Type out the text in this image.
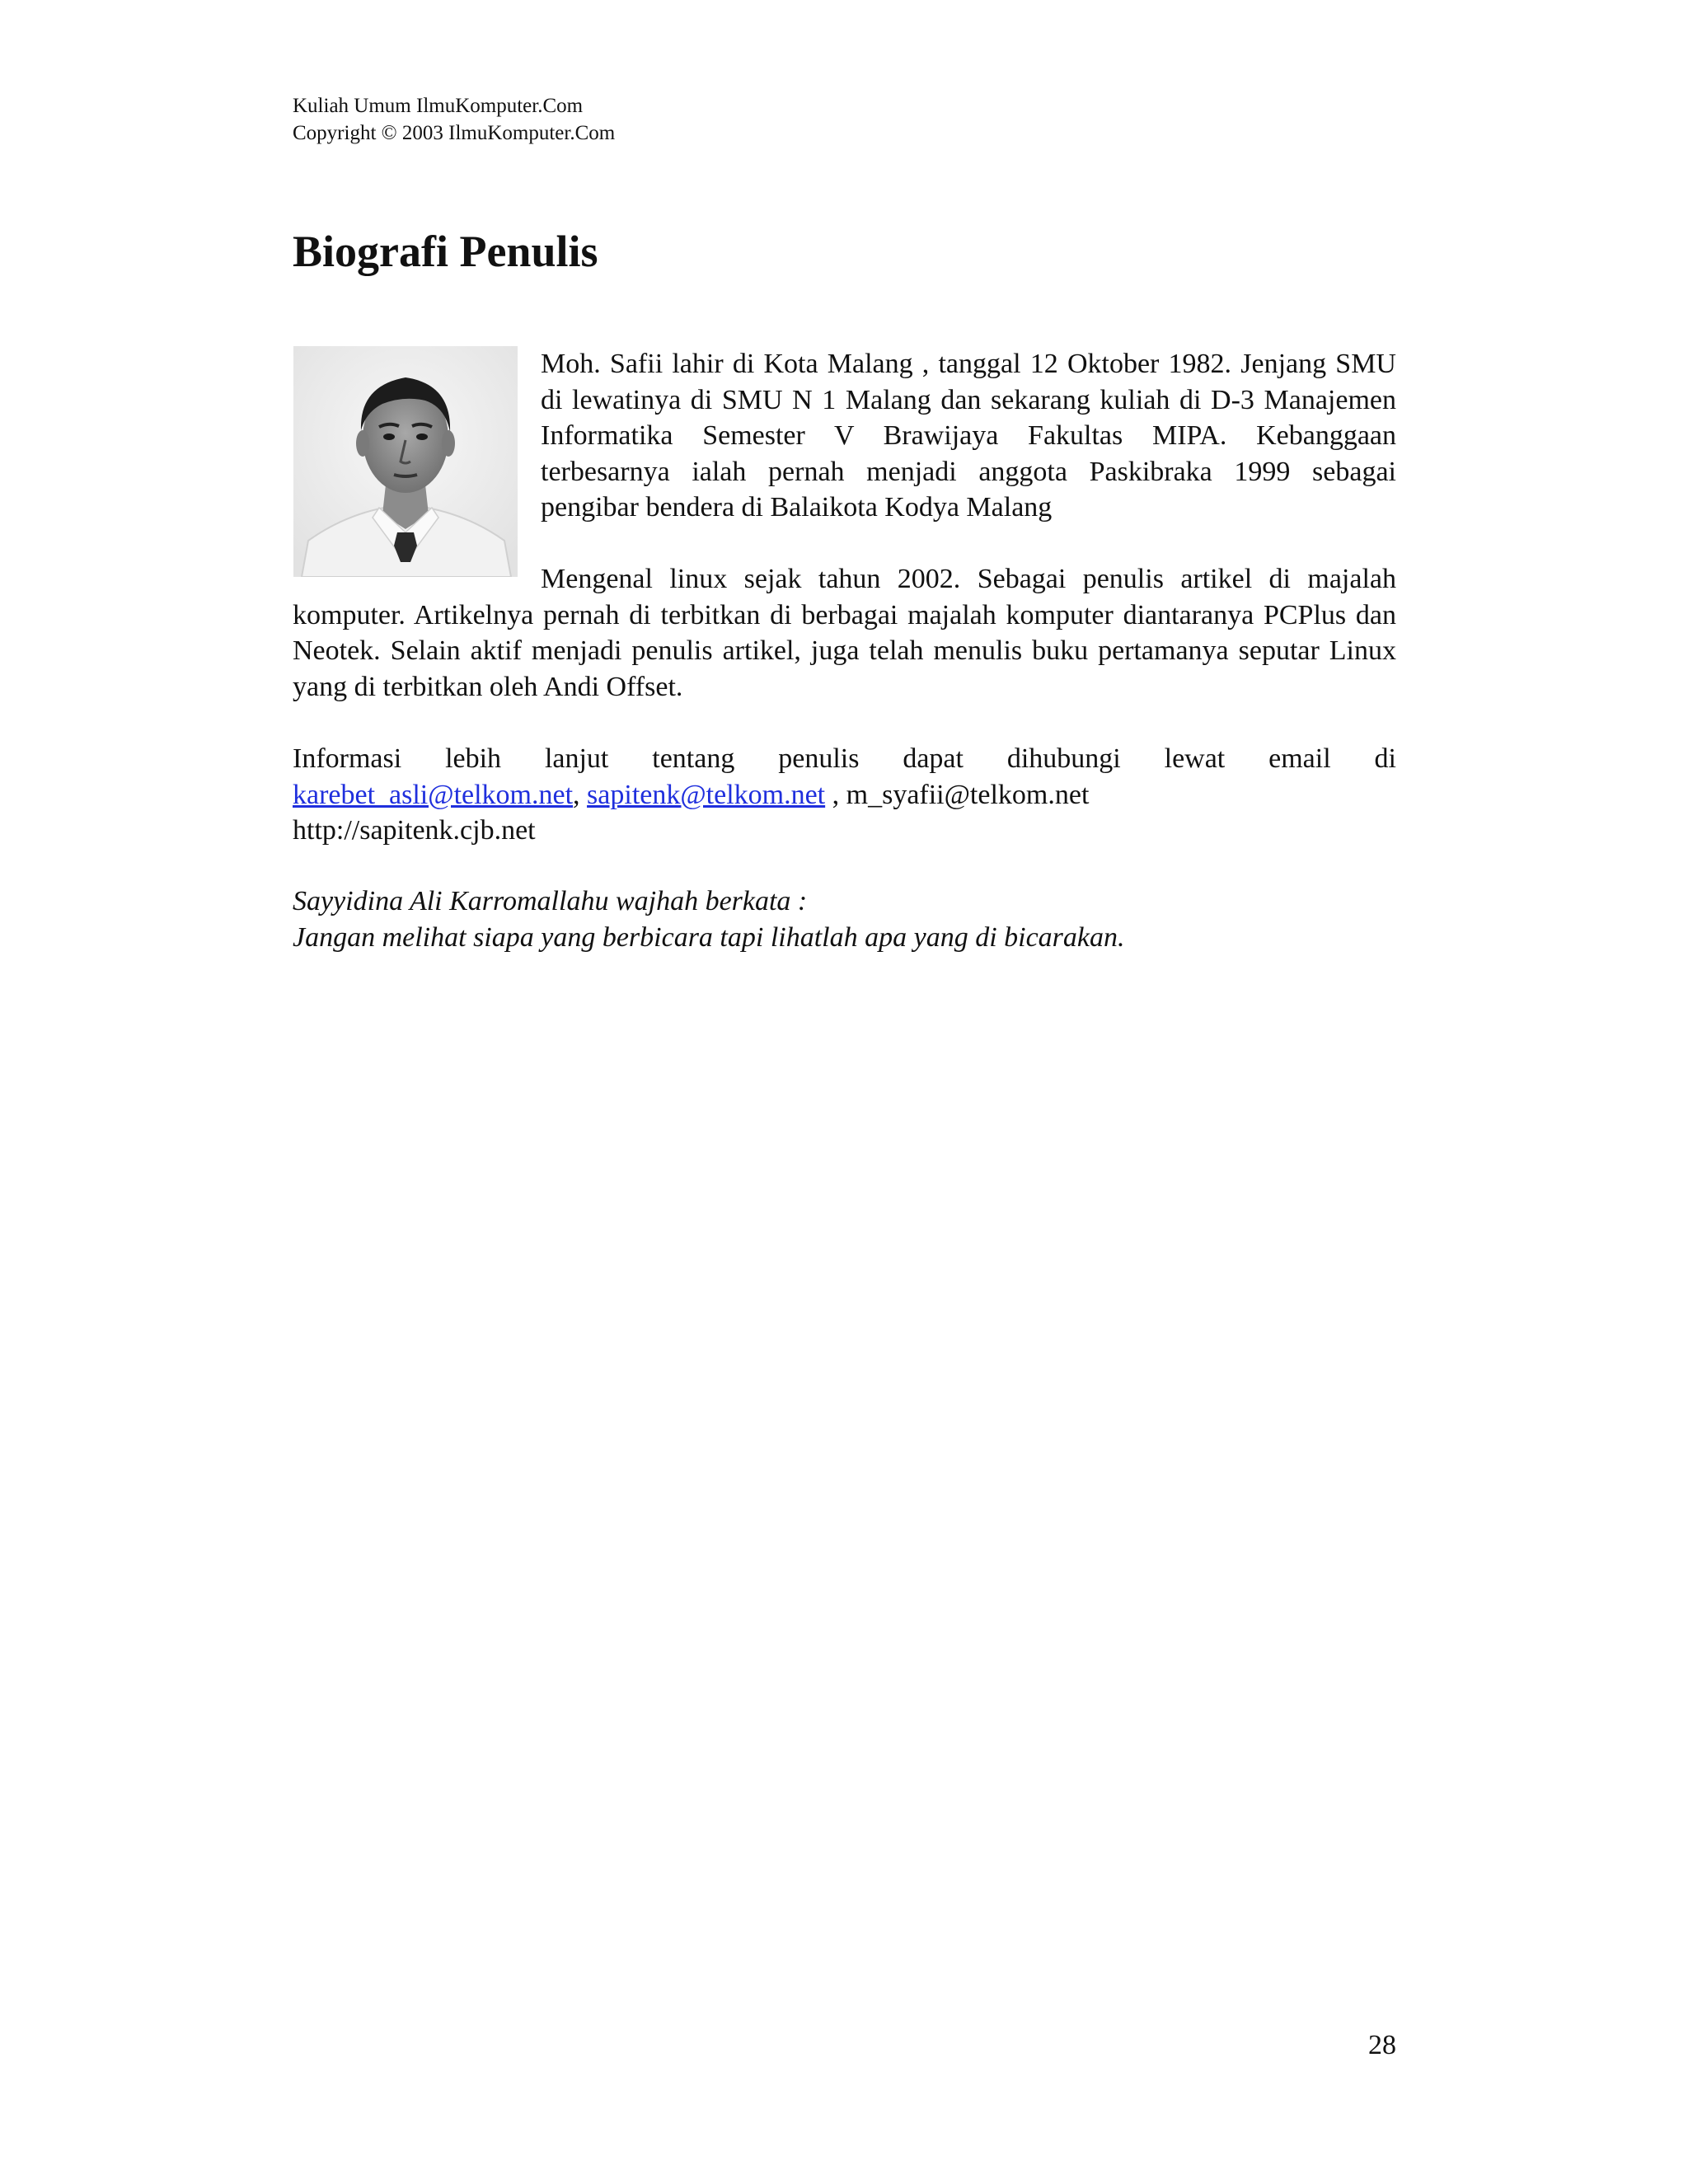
Kuliah Umum IlmuKomputer.Com
Copyright © 2003 IlmuKomputer.Com
Biografi Penulis
Moh. Safii lahir di Kota Malang , tanggal 12 Oktober 1982. Jenjang SMU di lewatinya di SMU N 1 Malang dan sekarang kuliah di D-3 Manajemen Informatika Semester V Brawijaya Fakultas MIPA. Kebanggaan terbesarnya ialah pernah menjadi anggota Paskibraka 1999 sebagai pengibar bendera di Balaikota Kodya Malang
Mengenal linux sejak tahun 2002. Sebagai penulis artikel di majalah komputer. Artikelnya pernah di terbitkan di berbagai majalah komputer diantaranya PCPlus dan Neotek. Selain aktif menjadi penulis artikel, juga telah menulis buku pertamanya seputar Linux yang di terbitkan oleh Andi Offset.
Informasi lebih lanjut tentang penulis dapat dihubungi lewat email di
karebet_asli@telkom.net, sapitenk@telkom.net , m_syafii@telkom.net
http://sapitenk.cjb.net
Sayyidina Ali Karromallahu wajhah berkata :
Jangan melihat siapa yang berbicara tapi lihatlah apa yang di bicarakan.
28
